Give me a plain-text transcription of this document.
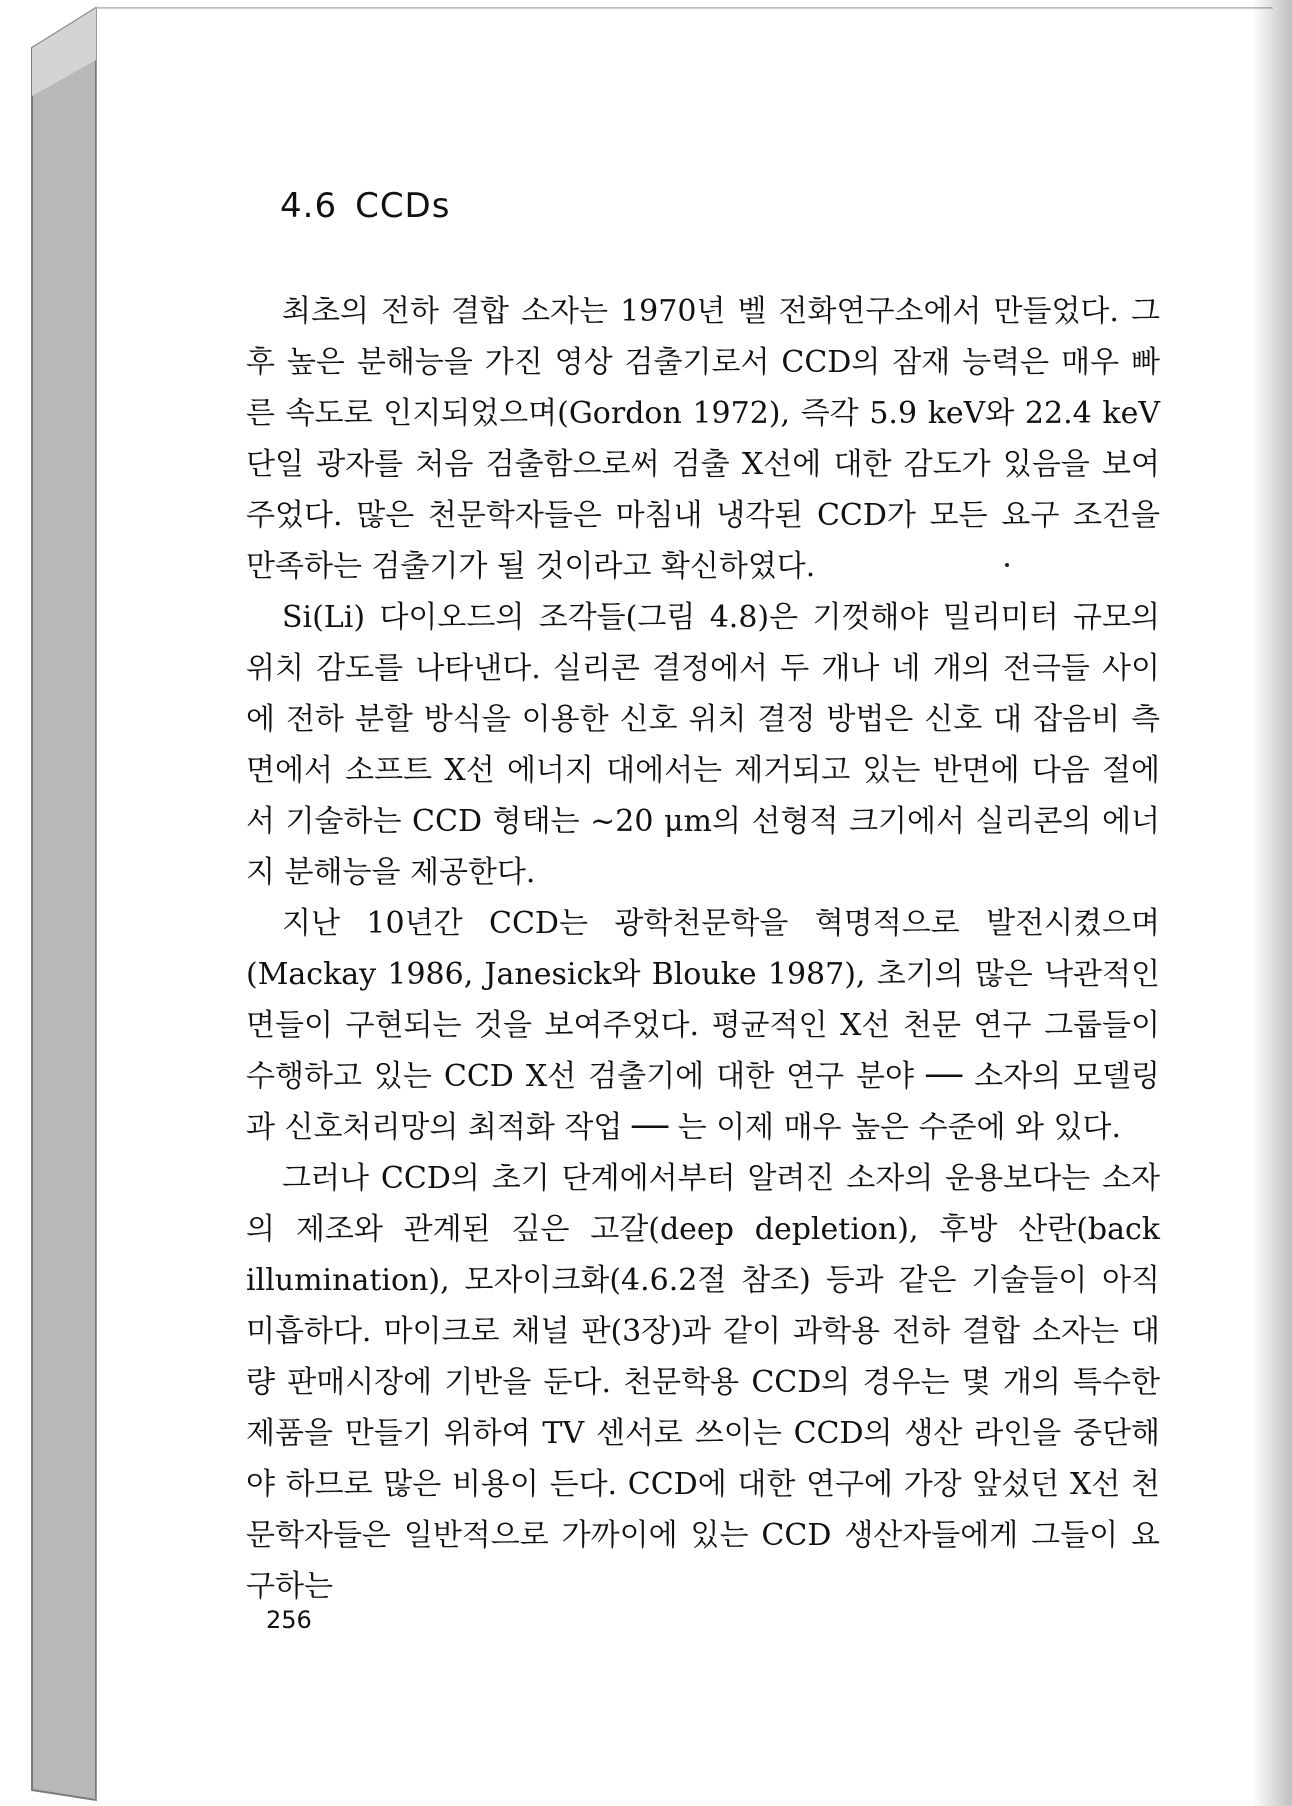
4.6 CCDs

최초의 전하 결합 소자는 1970년 벨 전화연구소에서 만들었다. 그 후 높은 분해능을 가진 영상 검출기로서 CCD의 잠재 능력은 매우 빠른 속도로 인지되었으며(Gordon 1972), 즉각 5.9 keV와 22.4 keV 단일 광자를 처음 검출함으로써 검출 X선에 대한 감도가 있음을 보여주었다. 많은 천문학자들은 마침내 냉각된 CCD가 모든 요구 조건을 만족하는 검출기가 될 것이라고 확신하였다.

Si(Li) 다이오드의 조각들(그림 4.8)은 기껏해야 밀리미터 규모의 위치 감도를 나타낸다. 실리콘 결정에서 두 개나 네 개의 전극들 사이에 전하 분할 방식을 이용한 신호 위치 결정 방법은 신호 대 잡음비 측면에서 소프트 X선 에너지 대에서는 제거되고 있는 반면에 다음 절에서 기술하는 CCD 형태는 ~20 μm의 선형적 크기에서 실리콘의 에너지 분해능을 제공한다.

지난 10년간 CCD는 광학천문학을 혁명적으로 발전시켰으며(Mackay 1986, Janesick와 Blouke 1987), 초기의 많은 낙관적인 면들이 구현되는 것을 보여주었다. 평균적인 X선 천문 연구 그룹들이 수행하고 있는 CCD X선 검출기에 대한 연구 분야 ── 소자의 모델링과 신호처리망의 최적화 작업 ── 는 이제 매우 높은 수준에 와 있다.

그러나 CCD의 초기 단계에서부터 알려진 소자의 운용보다는 소자의 제조와 관계된 깊은 고갈(deep depletion), 후방 산란(back illumination), 모자이크화(4.6.2절 참조) 등과 같은 기술들이 아직 미흡하다. 마이크로 채널 판(3장)과 같이 과학용 전하 결합 소자는 대량 판매시장에 기반을 둔다. 천문학용 CCD의 경우는 몇 개의 특수한 제품을 만들기 위하여 TV 센서로 쓰이는 CCD의 생산 라인을 중단해야 하므로 많은 비용이 든다. CCD에 대한 연구에 가장 앞섰던 X선 천문학자들은 일반적으로 가까이에 있는 CCD 생산자들에게 그들이 요구하는

256
